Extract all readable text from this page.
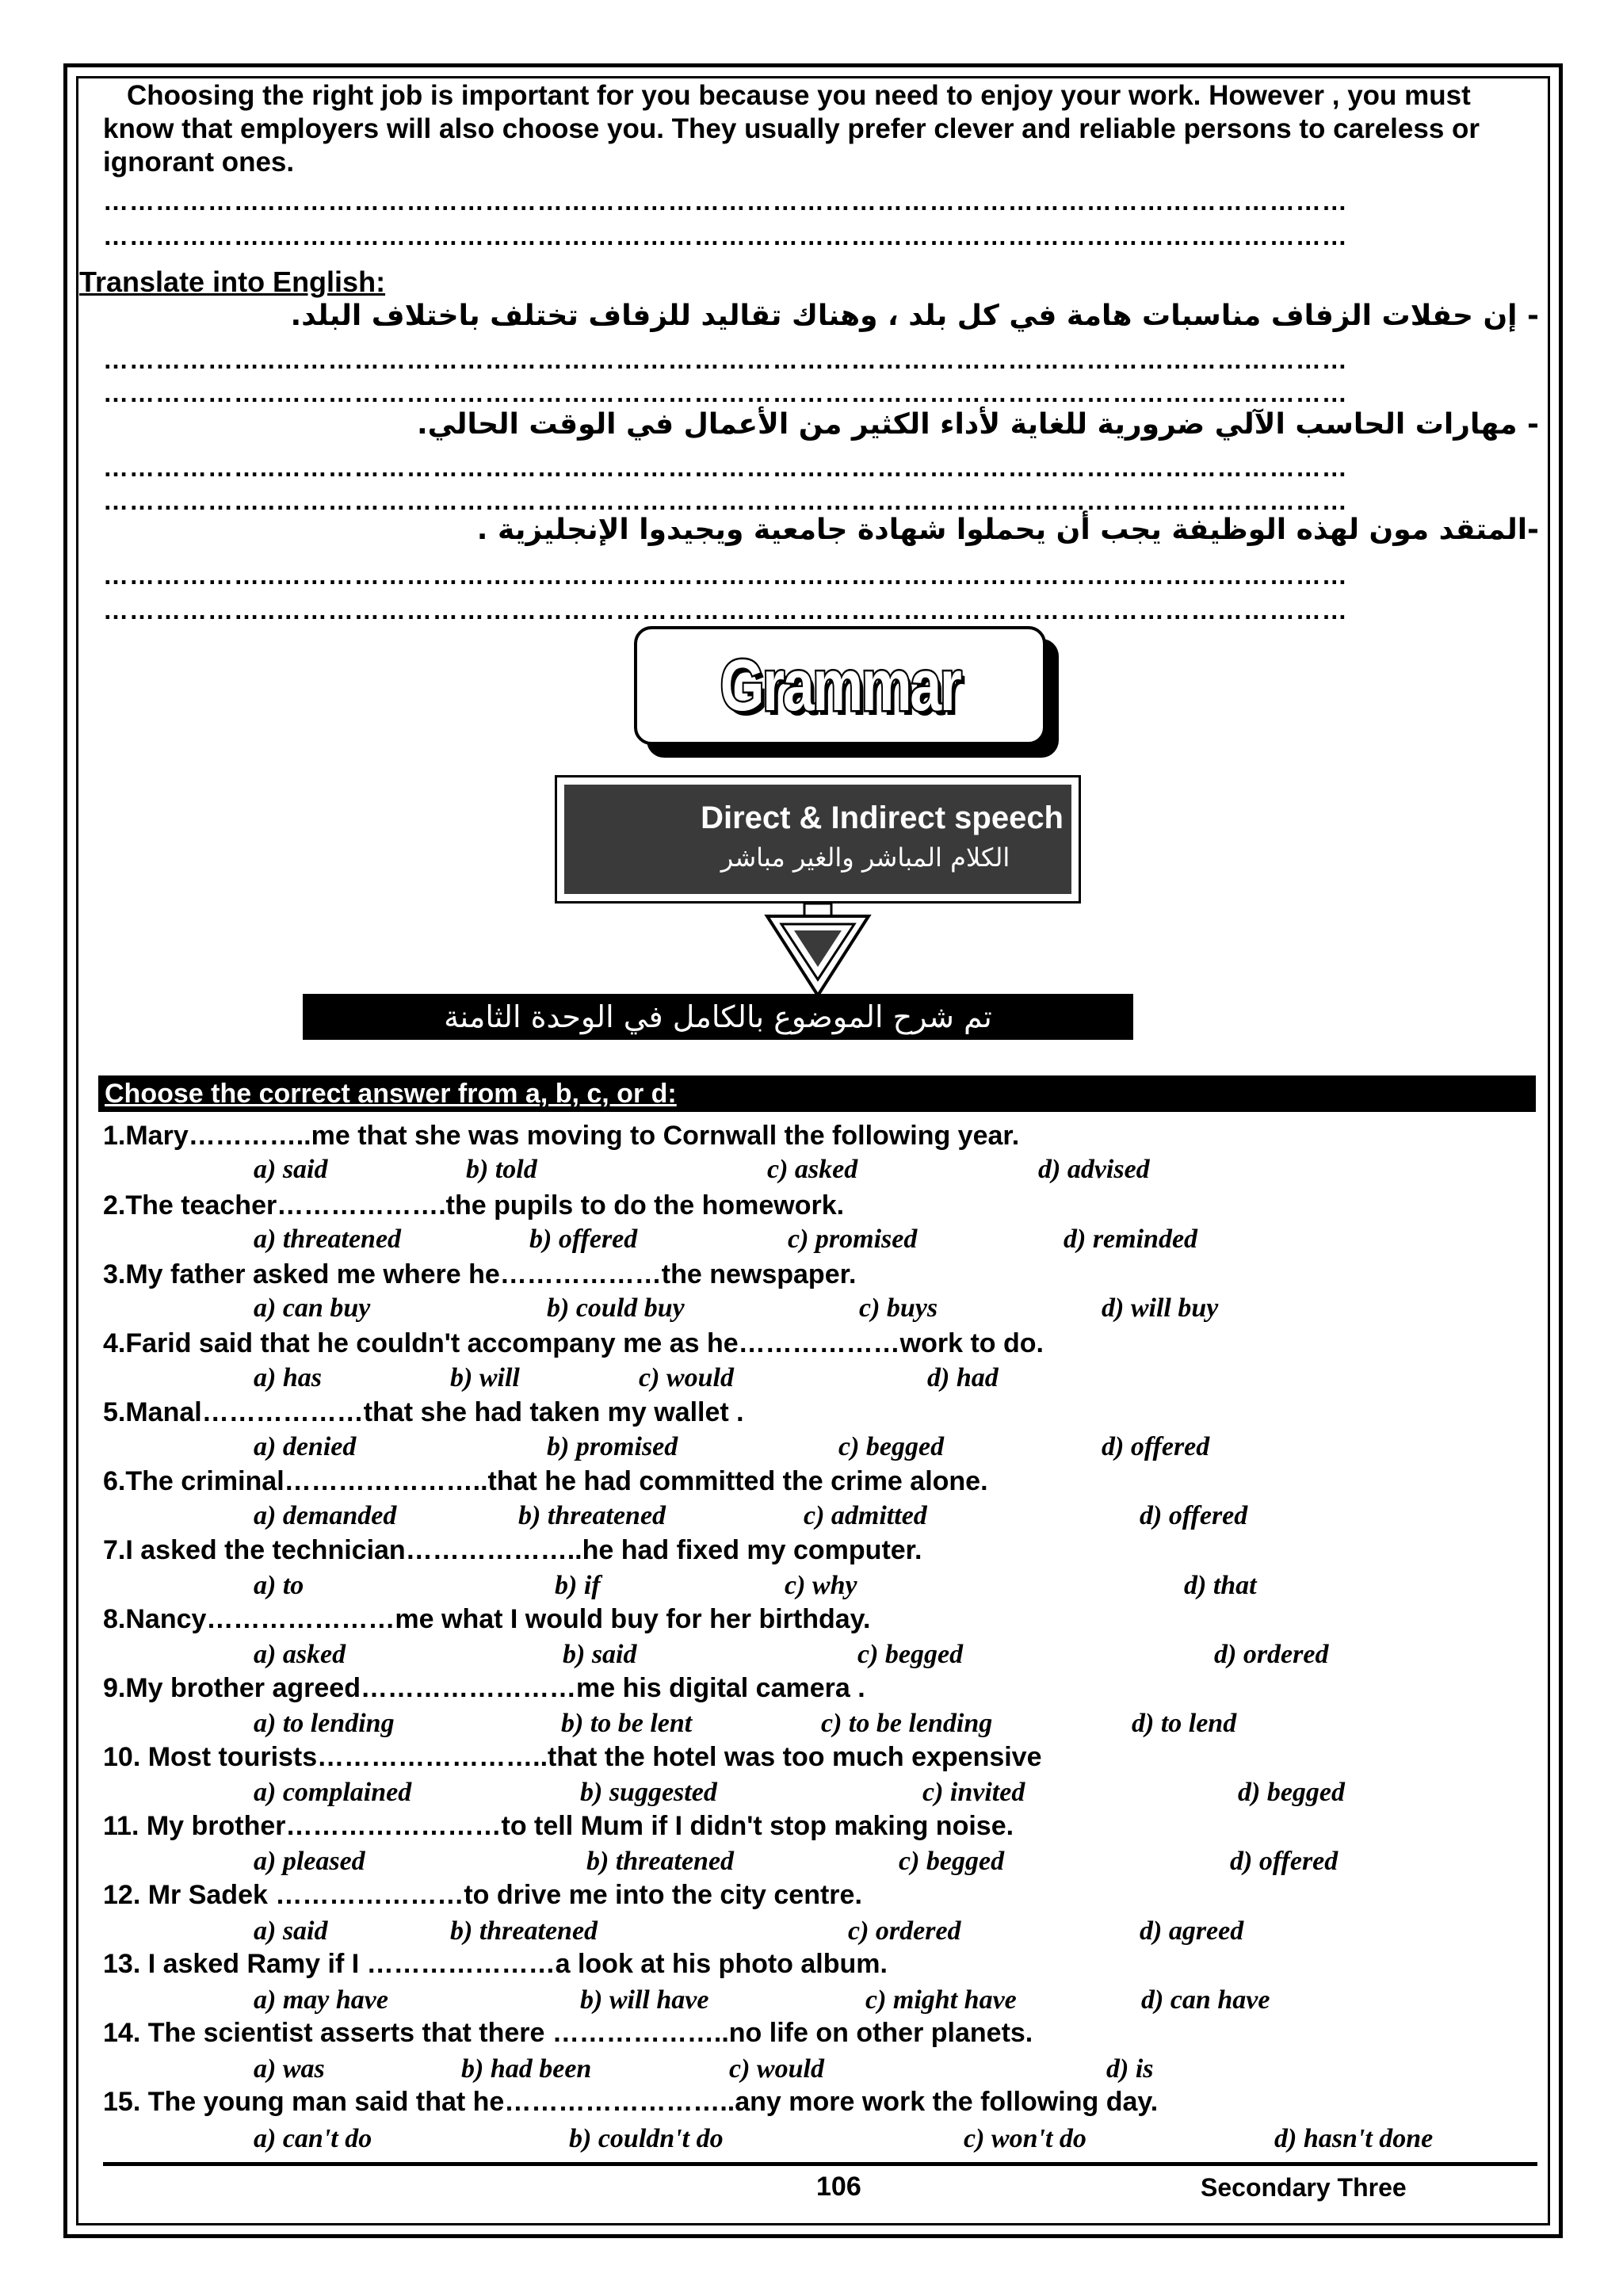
Choosing the right job is important for you because you need to enjoy your work. However , you must know that employers will also choose you. They usually prefer clever and reliable persons to careless or ignorant ones.
………………..……………………………………………………………………………………………………………
………………..……………………………………………………………………………………………………………
Translate into English:
- إن حفلات الزفاف مناسبات هامة في كل بلد ، وهناك تقاليد للزفاف تختلف باختلاف البلد.
………………..……………………………………………………………………………………………………………
………………..……………………………………………………………………………………………………………
- مهارات الحاسب الآلي ضرورية للغاية لأداء الكثير من الأعمال في الوقت الحالي.
………………..……………………………………………………………………………………………………………
………………..……………………………………………………………………………………………………………
-المتقد مون لهذه الوظيفة يجب أن يحملوا شهادة جامعية ويجيدوا الإنجليزية .
………………..……………………………………………………………………………………………………………
………………..……………………………………………………………………………………………………………
Grammar
Direct & Indirect speech
الكلام المباشر والغير مباشر
تم شرح الموضوع بالكامل في الوحدة الثامنة
Choose the correct answer from a, b, c, or d:
1.Mary…………..me that she was moving to Cornwall the following year.
a) said	b) told	c) asked	d) advised
2.The teacher……………….the pupils to do the homework.
a) threatened	b) offered	c) promised	d) reminded
3.My father asked me where he………………the newspaper.
a) can buy	b) could buy	c) buys	d) will buy
4.Farid said that he couldn't accompany me as he………………work to do.
a) has	b) will	c) would	d) had
5.Manal………………that she had taken my wallet .
a) denied	b) promised	c) begged	d) offered
6.The criminal…………………..that he had committed the crime alone.
a) demanded	b) threatened	c) admitted	d) offered
7.I asked the technician………………..he had fixed my computer.
a) to	b) if	c) why	d) that
8.Nancy…………………me what I would buy for her birthday.
a) asked	b) said	c) begged	d) ordered
9.My brother agreed……………………me his digital camera .
a) to lending	b) to be lent	c) to be lending	d) to lend
10. Most tourists……………………..that the hotel was too much expensive
a) complained	b) suggested	c) invited	d) begged
11. My brother……………………to tell Mum if I didn't stop making noise.
a) pleased	b) threatened	c) begged	d) offered
12. Mr Sadek …………………to drive me into the city centre.
a) said	b) threatened	c) ordered	d) agreed
13. I asked Ramy if I …………………a look at his photo album.
a) may have	b) will have	c) might have	d) can have
14. The scientist asserts that there ………………..no life on other planets.
a) was	b) had been	c) would	d) is
15. The young man said that he……………………..any more work the following day.
a) can't do	b) couldn't do	c) won't do	d) hasn't done
106	Secondary Three
